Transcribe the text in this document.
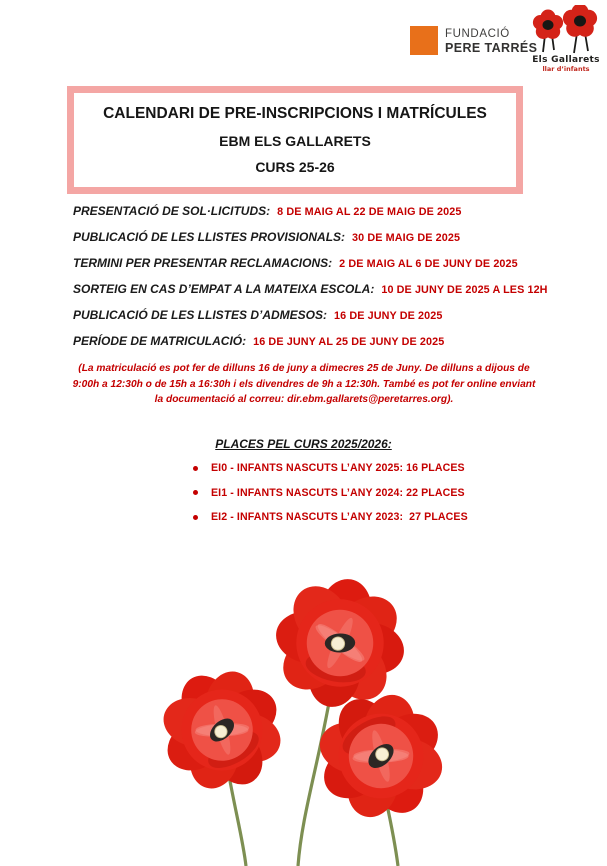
FUNDACIÓ
PERE TARRÉS
Els Gallarets
llar d’infants
CALENDARI DE PRE-INSCRIPCIONS I MATRÍCULES
EBM ELS GALLARETS
CURS 25-26
PRESENTACIÓ DE SOL·LICITUDS: 8 DE MAIG AL 22 DE MAIG DE 2025
PUBLICACIÓ DE LES LLISTES PROVISIONALS: 30 DE MAIG DE 2025
TERMINI PER PRESENTAR RECLAMACIONS: 2 DE MAIG AL 6 DE JUNY DE 2025
SORTEIG EN CAS D’EMPAT A LA MATEIXA ESCOLA: 10 DE JUNY DE 2025 A LES 12H
PUBLICACIÓ DE LES LLISTES D’ADMESOS: 16 DE JUNY DE 2025
PERÍODE DE MATRICULACIÓ: 16 DE JUNY AL 25 DE JUNY DE 2025
(La matriculació es pot fer de dilluns 16 de juny a dimecres 25 de Juny. De dilluns a dijous de 9:00h a 12:30h o de 15h a 16:30h i els divendres de 9h a 12:30h. També es pot fer online enviant la documentació al correu: dir.ebm.gallarets@peretarres.org).
PLACES PEL CURS 2025/2026:
EI0 - INFANTS NASCUTS L’ANY 2025: 16 PLACES
EI1 - INFANTS NASCUTS L’ANY 2024: 22 PLACES
EI2 - INFANTS NASCUTS L’ANY 2023:  27 PLACES
